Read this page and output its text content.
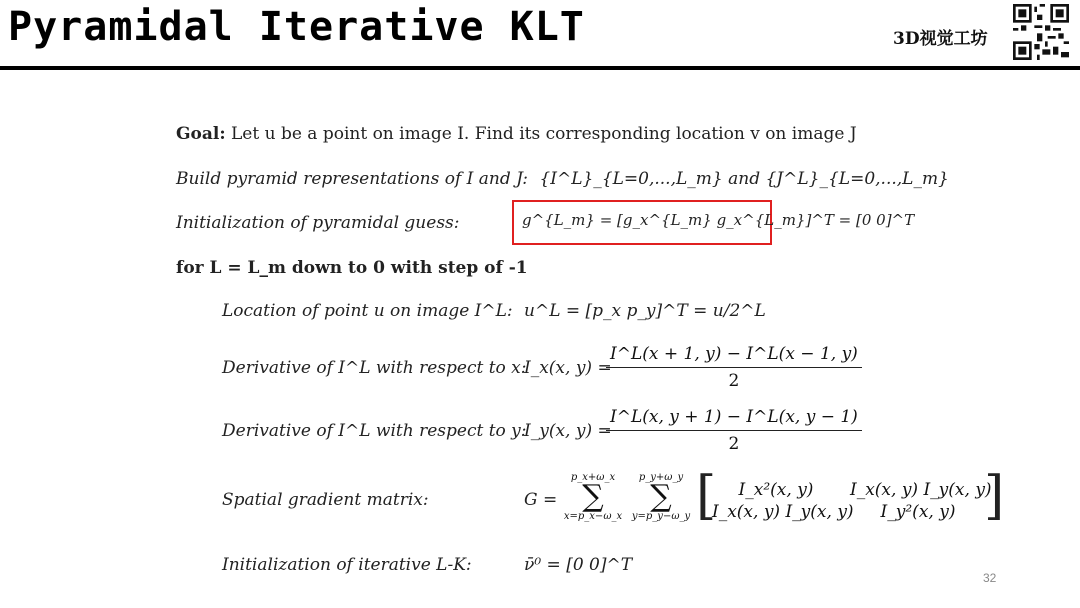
Pyramidal Iterative KLT	3D视觉工坊
Goal: Let u be a point on image I. Find its corresponding location v on image J
Build pyramid representations of I and J: {I^L}_{L=0,...,L_m} and {J^L}_{L=0,...,L_m}
Initialization of pyramidal guess:	g^{L_m} = [g_x^{L_m} g_x^{L_m}]^T = [0 0]^T
for L = L_m down to 0 with step of -1
Location of point u on image I^L: u^L = [p_x p_y]^T = u/2^L
Derivative of I^L with respect to x:
I_x(x, y) =
$\frac{I\^{}L(x + 1, y) - I\^{}L(x - 1, y)}{2}$
Derivative of I^L with respect to y:
I_y(x, y) =
$\frac{I\^{}L(x, y + 1) - I\^{}L(x, y - 1)}{2}$
Spatial gradient matrix:	G =
p_x+ω_x
∑
x=p_x−ω_x
p_y+ω_y
∑
y=p_y−ω_y [	I_x²(x, y)	I_x(x, y) I_y(x, y)
I_x(x, y) I_y(x, y)	I_y²(x, y) ]
Initialization of iterative L-K:	ν̄⁰ = [0 0]^T
32
